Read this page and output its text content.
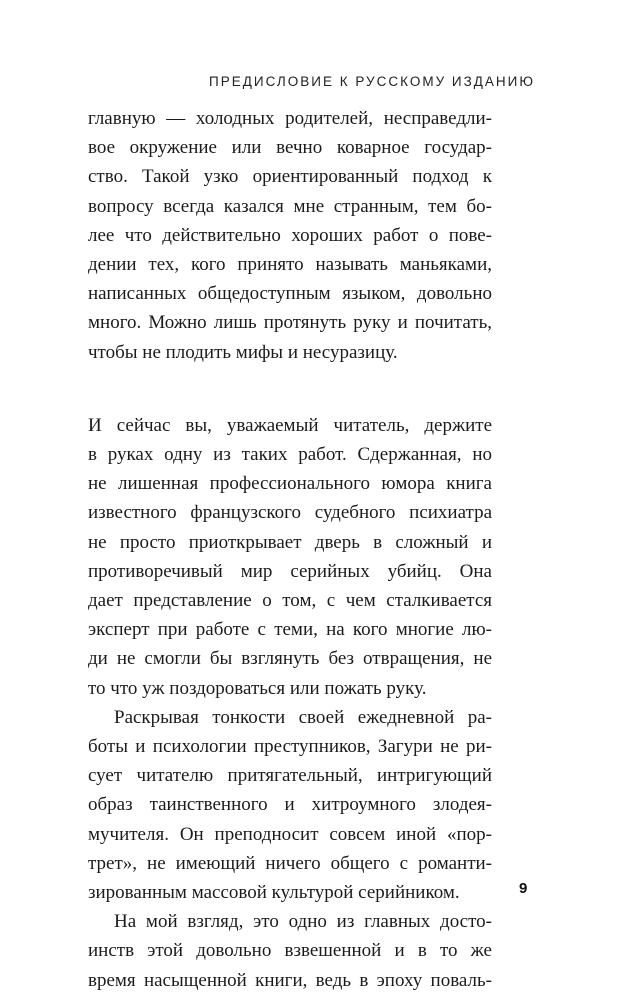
ПРЕДИСЛОВИЕ К РУССКОМУ ИЗДАНИЮ
главную — холодных родителей, несправедли-
вое окружение или вечно коварное государ-
ство. Такой узко ориентированный подход к
вопросу всегда казался мне странным, тем бо-
лее что действительно хороших работ о пове-
дении тех, кого принято называть маньяками,
написанных общедоступным языком, довольно
много. Можно лишь протянуть руку и почитать,
чтобы не плодить мифы и несуразицу.
И сейчас вы, уважаемый читатель, держите
в руках одну из таких работ. Сдержанная, но
не лишенная профессионального юмора книга
известного французского судебного психиатра
не просто приоткрывает дверь в сложный и
противоречивый мир серийных убийц. Она
дает представление о том, с чем сталкивается
эксперт при работе с теми, на кого многие лю-
ди не смогли бы взглянуть без отвращения, не
то что уж поздороваться или пожать руку.
Раскрывая тонкости своей ежедневной ра-
боты и психологии преступников, Загури не ри-
сует читателю притягательный, интригующий
образ таинственного и хитроумного злодея-
мучителя. Он преподносит совсем иной «пор-
трет», не имеющий ничего общего с романти-
зированным массовой культурой серийником.
На мой взгляд, это одно из главных досто-
инств этой довольно взвешенной и в то же
время насыщенной книги, ведь в эпоху поваль-
9
